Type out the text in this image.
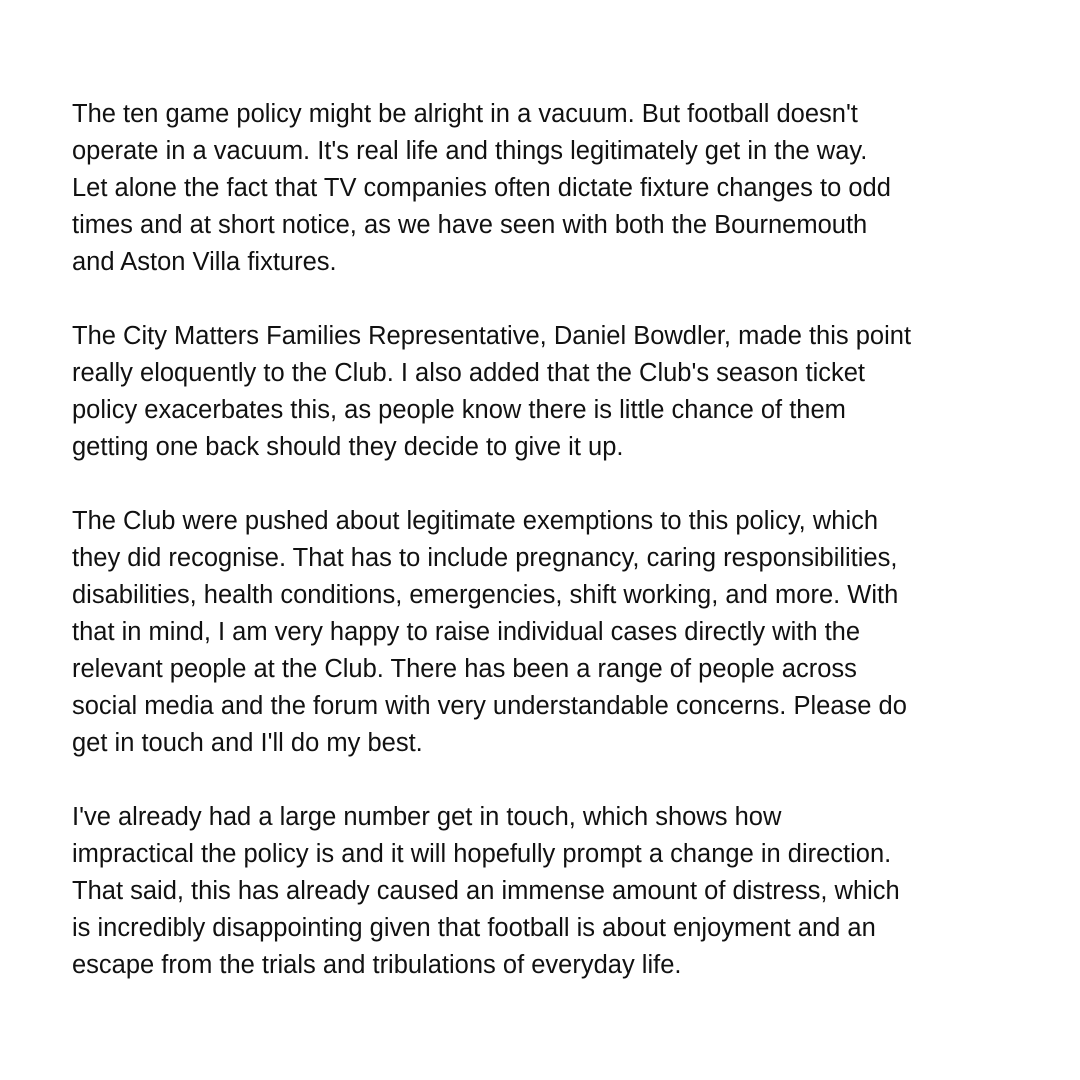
The ten game policy might be alright in a vacuum. But football doesn't
operate in a vacuum. It's real life and things legitimately get in the way.
Let alone the fact that TV companies often dictate fixture changes to odd
times and at short notice, as we have seen with both the Bournemouth
and Aston Villa fixtures.

The City Matters Families Representative, Daniel Bowdler, made this point
really eloquently to the Club. I also added that the Club's season ticket
policy exacerbates this, as people know there is little chance of them
getting one back should they decide to give it up.

The Club were pushed about legitimate exemptions to this policy, which
they did recognise. That has to include pregnancy, caring responsibilities,
disabilities, health conditions, emergencies, shift working, and more. With
that in mind, I am very happy to raise individual cases directly with the
relevant people at the Club. There has been a range of people across
social media and the forum with very understandable concerns. Please do
get in touch and I'll do my best.

I've already had a large number get in touch, which shows how
impractical the policy is and it will hopefully prompt a change in direction.
That said, this has already caused an immense amount of distress, which
is incredibly disappointing given that football is about enjoyment and an
escape from the trials and tribulations of everyday life.
